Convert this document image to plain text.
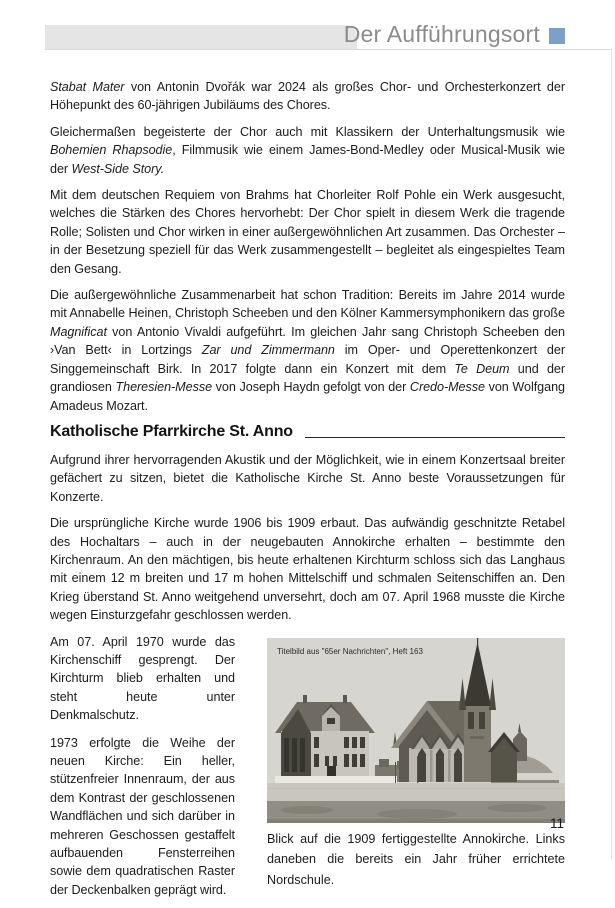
Der Aufführungsort

Stabat Mater von Antonin Dvořák war 2024 als großes Chor- und Orchesterkonzert der Höhepunkt des 60-jährigen Jubiläums des Chores.

Gleichermaßen begeisterte der Chor auch mit Klassikern der Unterhaltungsmusik wie Bohemien Rhapsodie, Filmmusik wie einem James-Bond-Medley oder Musical-Musik wie der West-Side Story.

Mit dem deutschen Requiem von Brahms hat Chorleiter Rolf Pohle ein Werk ausgesucht, welches die Stärken des Chores hervorhebt: Der Chor spielt in diesem Werk die tragende Rolle; Solisten und Chor wirken in einer außergewöhnlichen Art zusammen. Das Orchester – in der Besetzung speziell für das Werk zusammengestellt – begleitet als eingespieltes Team den Gesang.

Die außergewöhnliche Zusammenarbeit hat schon Tradition: Bereits im Jahre 2014 wurde mit Annabelle Heinen, Christoph Scheeben und den Kölner Kammersymphonikern das große Magnificat von Antonio Vivaldi aufgeführt. Im gleichen Jahr sang Christoph Scheeben den ›Van Bett‹ in Lortzings Zar und Zimmermann im Oper- und Operettenkonzert der Singgemeinschaft Birk. In 2017 folgte dann ein Konzert mit dem Te Deum und der grandiosen Theresien-Messe von Joseph Haydn gefolgt von der Credo-Messe von Wolfgang Amadeus Mozart.

Katholische Pfarrkirche St. Anno

Aufgrund ihrer hervorragenden Akustik und der Möglichkeit, wie in einem Konzertsaal breiter gefächert zu sitzen, bietet die Katholische Kirche St. Anno beste Voraussetzungen für Konzerte.

Die ursprüngliche Kirche wurde 1906 bis 1909 erbaut. Das aufwändig geschnitzte Retabel des Hochaltars – auch in der neugebauten Annokirche erhalten – bestimmte den Kirchenraum. An den mächtigen, bis heute erhaltenen Kirchturm schloss sich das Langhaus mit einem 12 m breiten und 17 m hohen Mittelschiff und schmalen Seitenschiffen an. Den Krieg überstand St. Anno weitgehend unversehrt, doch am 07. April 1968 musste die Kirche wegen Einsturzgefahr geschlossen werden.

Am 07. April 1970 wurde das Kirchenschiff gesprengt. Der Kirchturm blieb erhalten und steht heute unter Denkmalschutz.

1973 erfolgte die Weihe der neuen Kirche: Ein heller, stützenfreier Innenraum, der aus dem Kontrast der geschlossenen Wandflächen und sich darüber in mehreren Geschossen gestaffelt aufbauenden Fensterreihen sowie dem quadratischen Raster der Deckenbalken geprägt wird.

Titelbild aus "65er Nachrichten", Heft 163
Blick auf die 1909 fertiggestellte Annokirche. Links daneben die bereits ein Jahr früher errichtete Nordschule.
11
